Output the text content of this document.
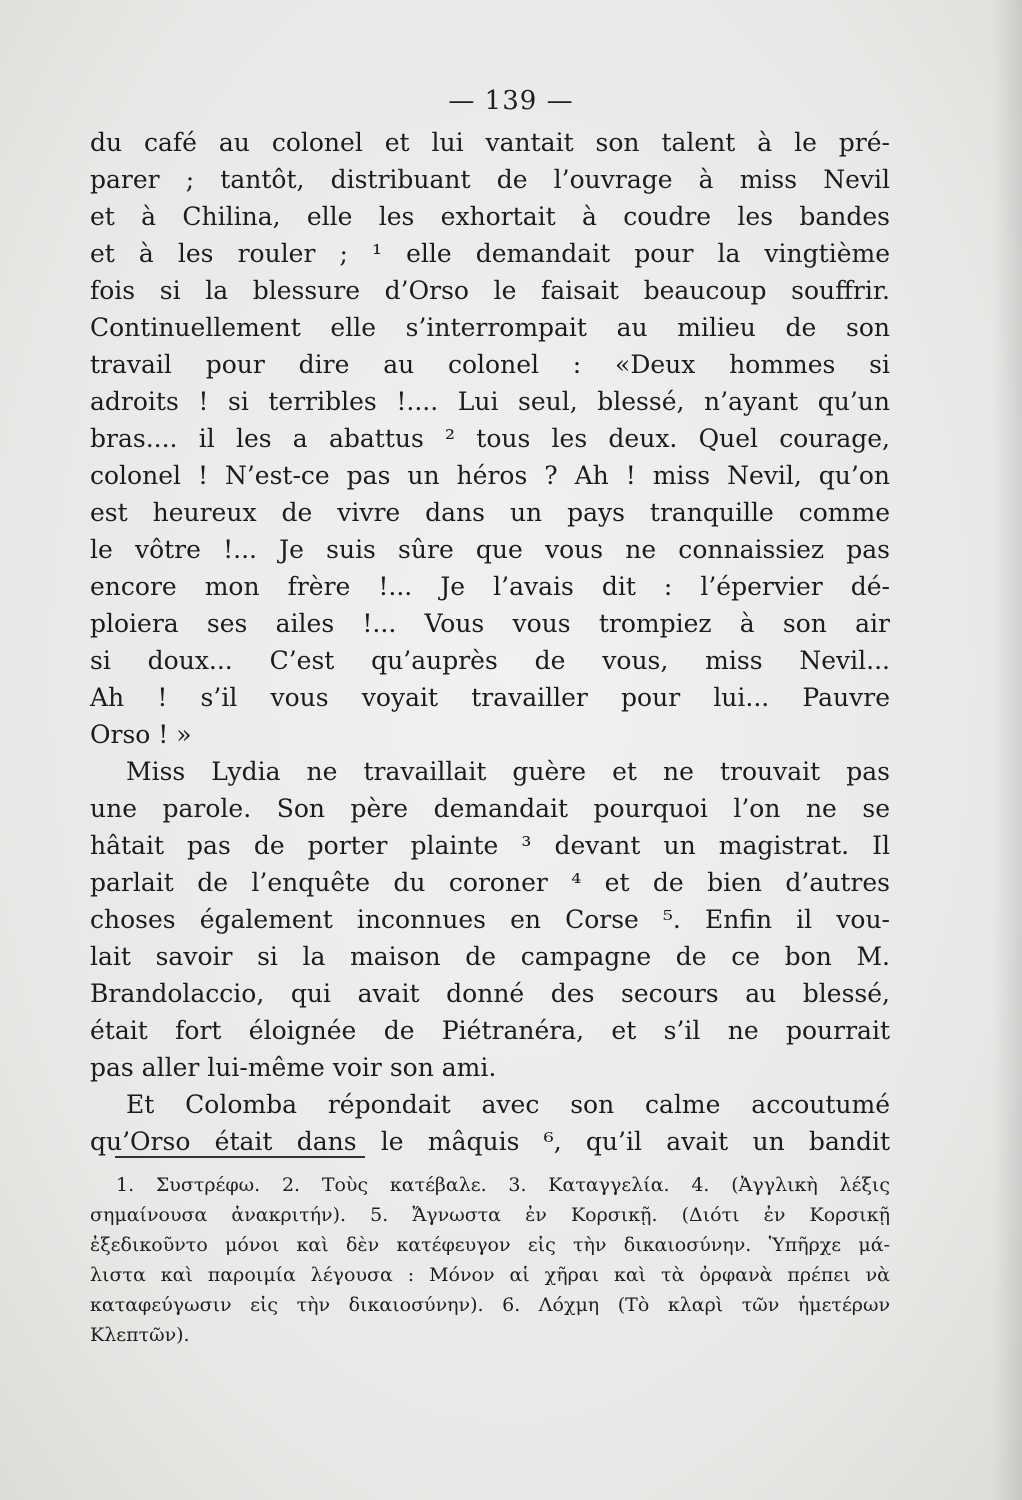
— 139 —
du café au colonel et lui vantait son talent à le pré-
parer ; tantôt, distribuant de l’ouvrage à miss Nevil
et à Chilina, elle les exhortait à coudre les bandes
et à les rouler ; ¹ elle demandait pour la vingtième
fois si la blessure d’Orso le faisait beaucoup souffrir.
Continuellement elle s’interrompait au milieu de son
travail pour dire au colonel : «Deux hommes si
adroits ! si terribles !.... Lui seul, blessé, n’ayant qu’un
bras.... il les a abattus ² tous les deux. Quel courage,
colonel ! N’est-ce pas un héros ? Ah ! miss Nevil, qu’on
est heureux de vivre dans un pays tranquille comme
le vôtre !... Je suis sûre que vous ne connaissiez pas
encore mon frère !... Je l’avais dit : l’épervier dé-
ploiera ses ailes !... Vous vous trompiez à son air
si doux... C’est qu’auprès de vous, miss Nevil...
Ah ! s’il vous voyait travailler pour lui... Pauvre
Orso ! »
Miss Lydia ne travaillait guère et ne trouvait pas
une parole. Son père demandait pourquoi l’on ne se
hâtait pas de porter plainte ³ devant un magistrat. Il
parlait de l’enquête du coroner ⁴ et de bien d’autres
choses également inconnues en Corse ⁵. Enfin il vou-
lait savoir si la maison de campagne de ce bon M.
Brandolaccio, qui avait donné des secours au blessé,
était fort éloignée de Piétranéra, et s’il ne pourrait
pas aller lui-même voir son ami.
Et Colomba répondait avec son calme accoutumé
qu’Orso était dans le mâquis ⁶, qu’il avait un bandit
1. Συστρέφω. 2. Τοὺς κατέβαλε. 3. Καταγγελία. 4. (Ἀγγλικὴ λέξις
σημαίνουσα ἀνακριτήν). 5. Ἄγνωστα ἐν Κορσικῇ. (Διότι ἐν Κορσικῇ
ἐξεδικοῦντο μόνοι καὶ δὲν κατέφευγον εἰς τὴν δικαιοσύνην. Ὑπῆρχε μά-
λιστα καὶ παροιμία λέγουσα : Μόνον αἱ χῆραι καὶ τὰ ὀρφανὰ πρέπει νὰ
καταφεύγωσιν εἰς τὴν δικαιοσύνην). 6. Λόχμη (Τὸ κλαρὶ τῶν ἡμετέρων
Κλεπτῶν).
